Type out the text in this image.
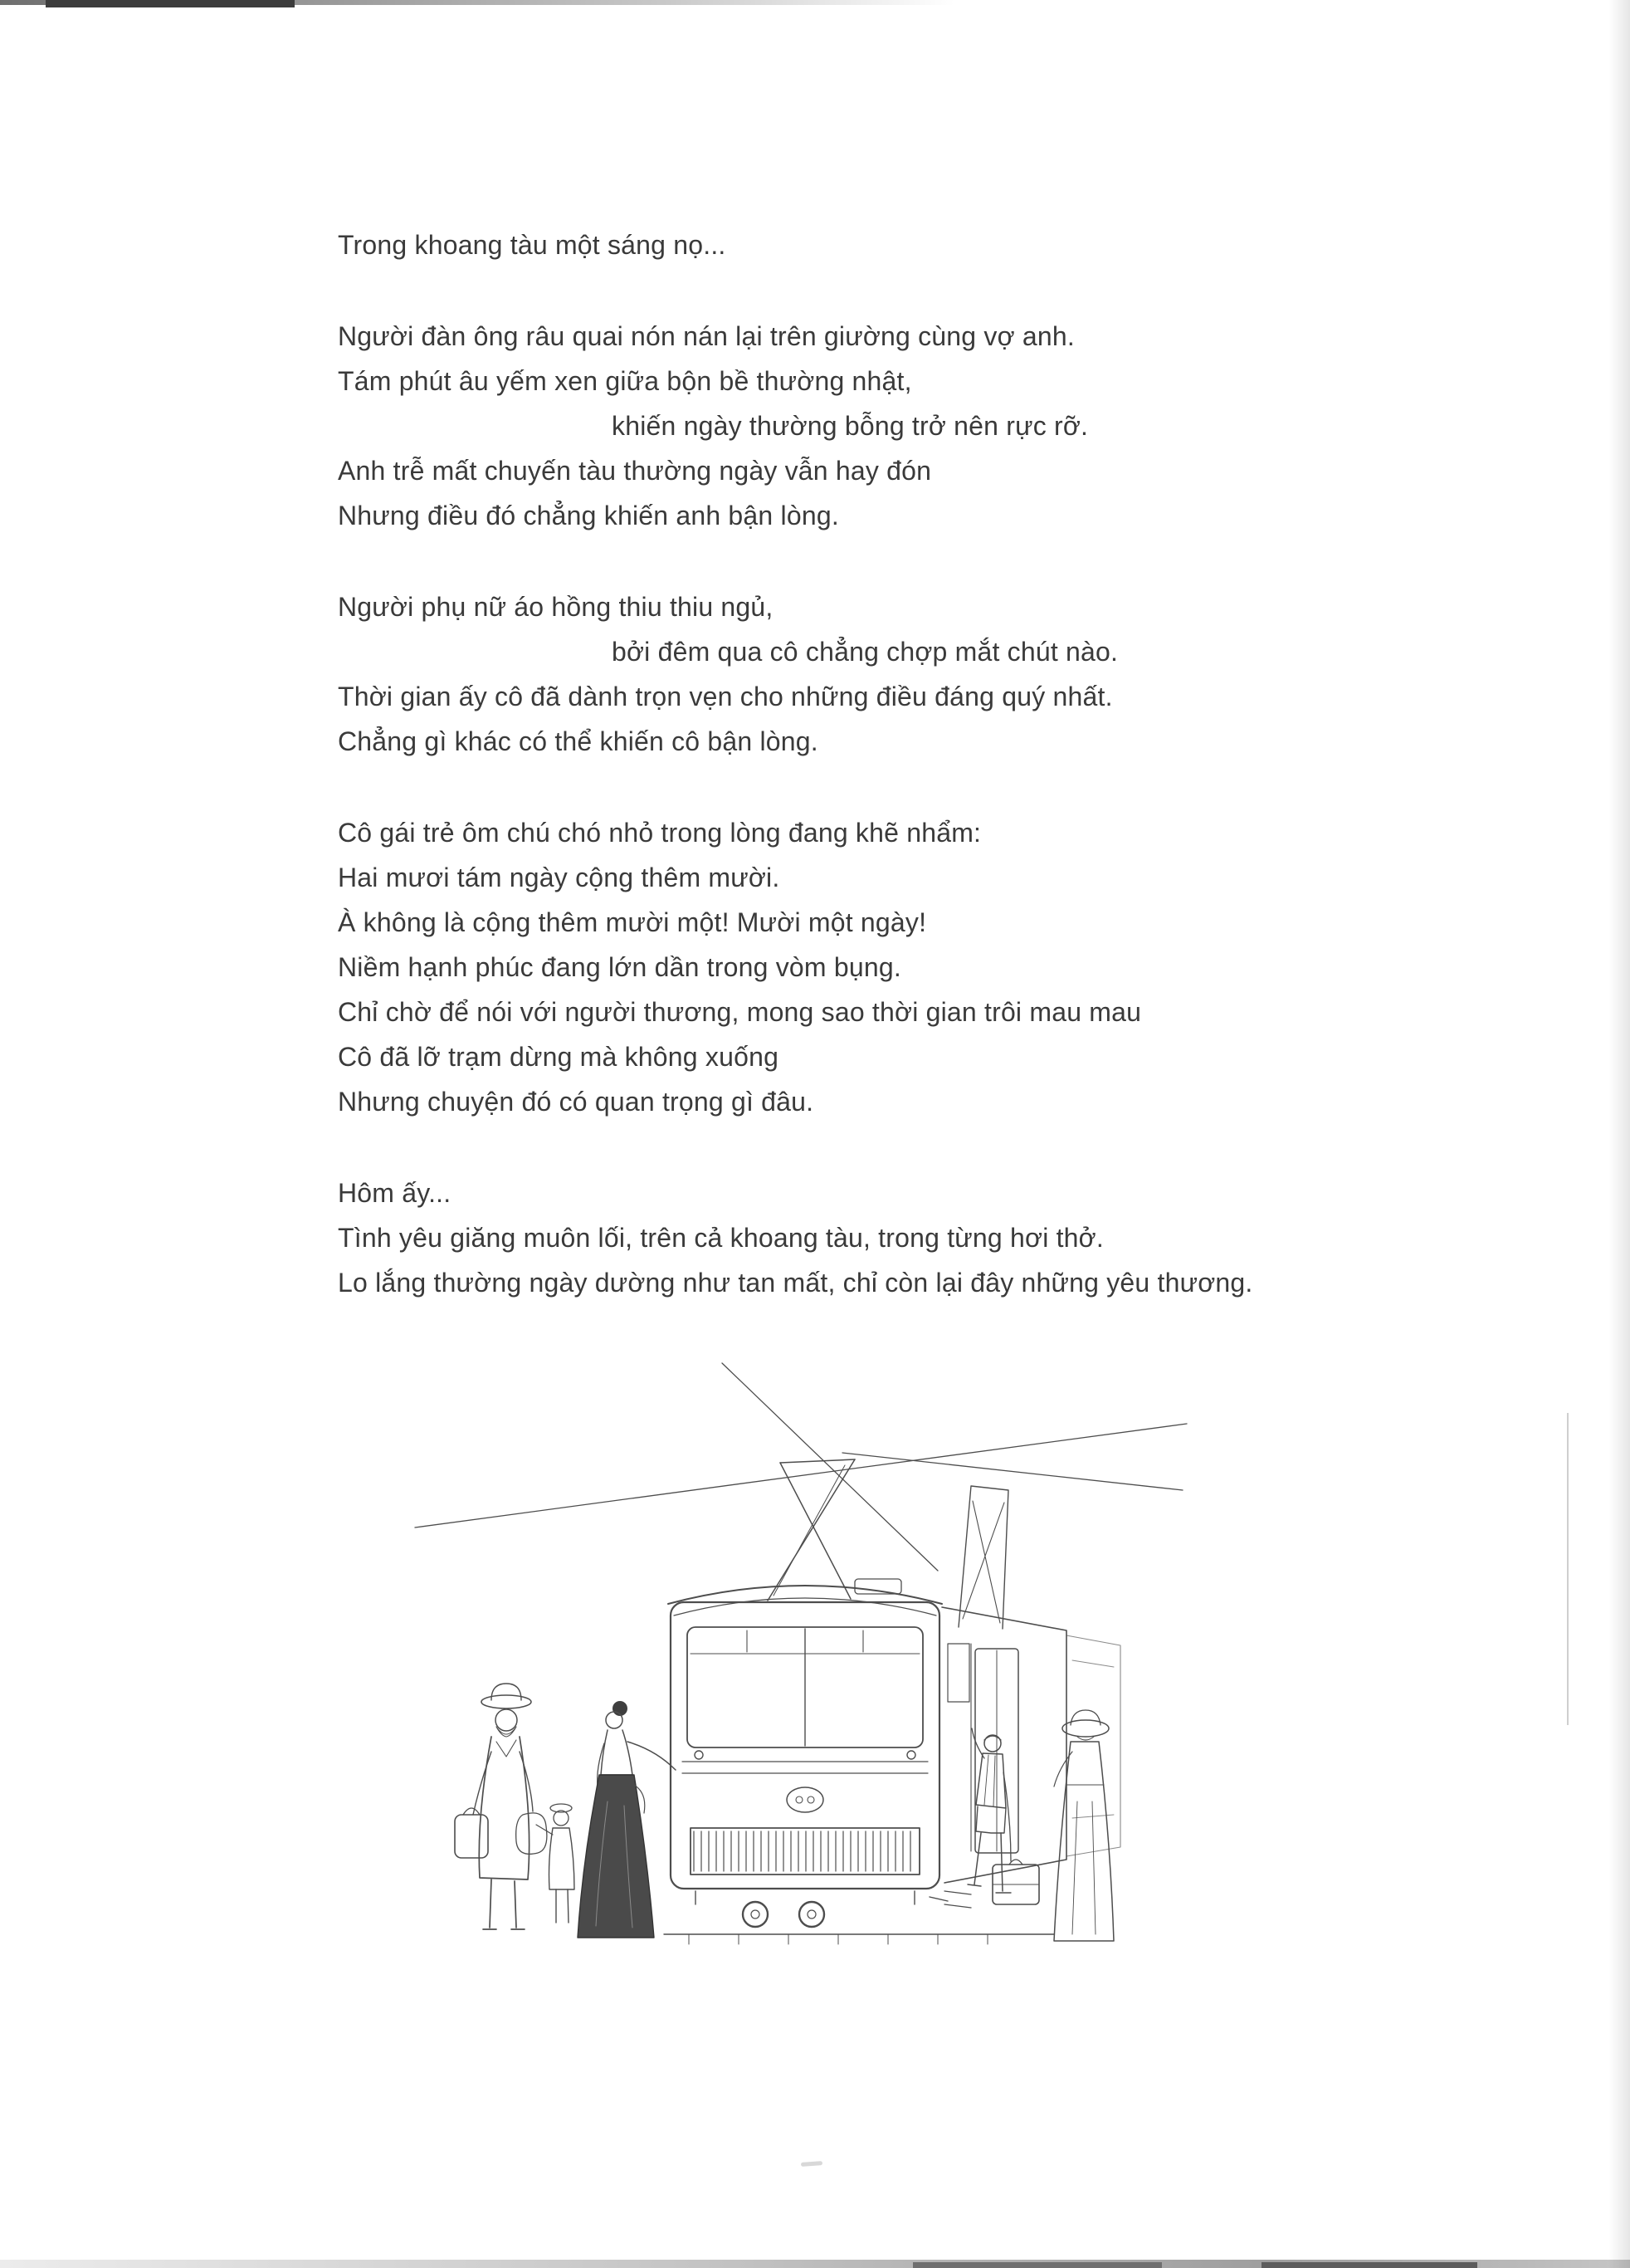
Trong khoang tàu một sáng nọ...
Người đàn ông râu quai nón nán lại trên giường cùng vợ anh.
Tám phút âu yếm xen giữa bộn bề thường nhật,
khiến ngày thường bỗng trở nên rực rỡ.
Anh trễ mất chuyến tàu thường ngày vẫn hay đón
Nhưng điều đó chẳng khiến anh bận lòng.
Người phụ nữ áo hồng thiu thiu ngủ,
bởi đêm qua cô chẳng chợp mắt chút nào.
Thời gian ấy cô đã dành trọn vẹn cho những điều đáng quý nhất.
Chẳng gì khác có thể khiến cô bận lòng.
Cô gái trẻ ôm chú chó nhỏ trong lòng đang khẽ nhẩm:
Hai mươi tám ngày cộng thêm mười.
À không là cộng thêm mười một! Mười một ngày!
Niềm hạnh phúc đang lớn dần trong vòm bụng.
Chỉ chờ để nói với người thương, mong sao thời gian trôi mau mau
Cô đã lỡ trạm dừng mà không xuống
Nhưng chuyện đó có quan trọng gì đâu.
Hôm ấy...
Tình yêu giăng muôn lối, trên cả khoang tàu, trong từng hơi thở.
Lo lắng thường ngày dường như tan mất, chỉ còn lại đây những yêu thương.
